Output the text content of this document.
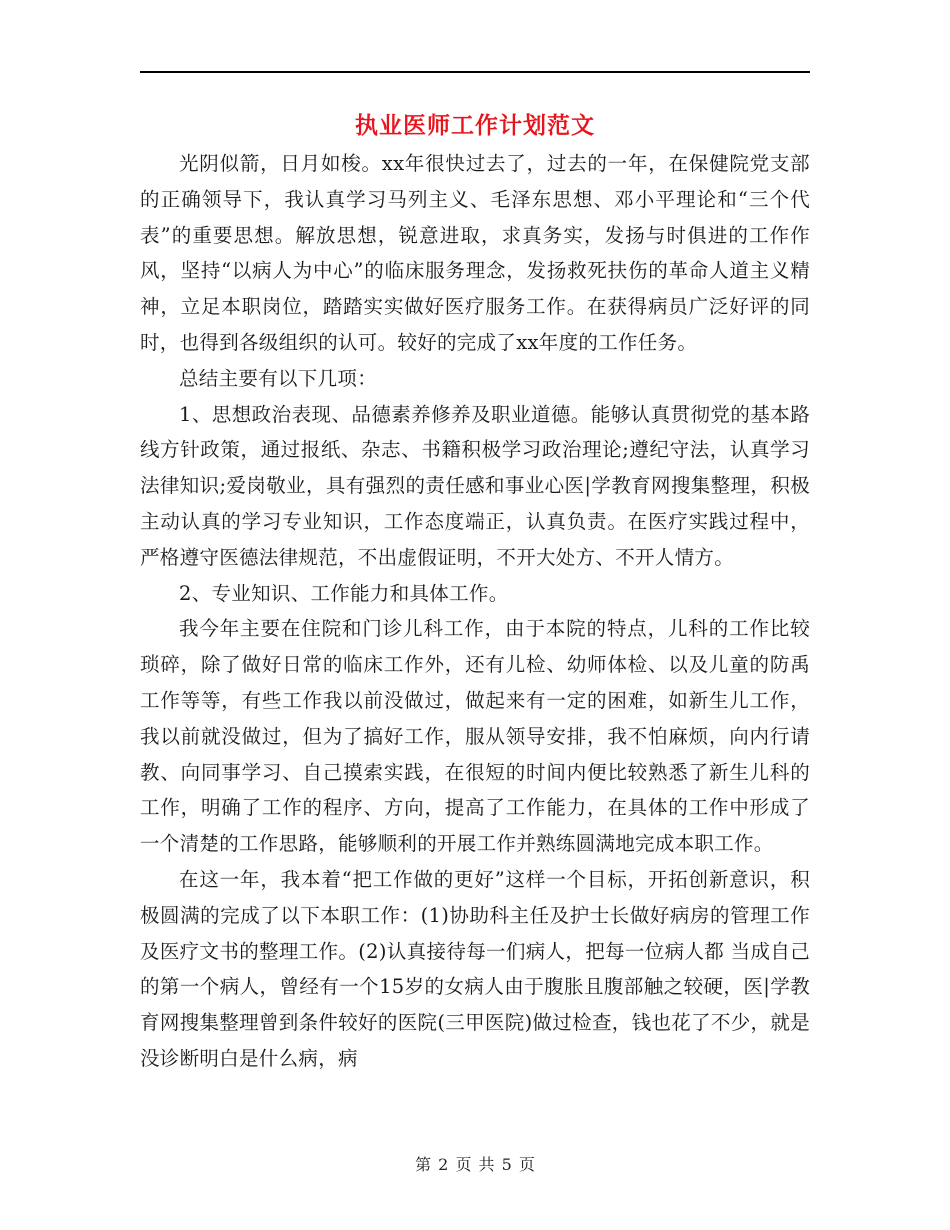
执业医师工作计划范文

光阴似箭，日月如梭。xx年很快过去了，过去的一年，在保健院党支部的正确领导下，我认真学习马列主义、毛泽东思想、邓小平理论和“三个代表”的重要思想。解放思想，锐意进取，求真务实，发扬与时俱进的工作作风，坚持“以病人为中心”的临床服务理念，发扬救死扶伤的革命人道主义精神，立足本职岗位，踏踏实实做好医疗服务工作。在获得病员广泛好评的同时，也得到各级组织的认可。较好的完成了xx年度的工作任务。

总结主要有以下几项：

1、思想政治表现、品德素养修养及职业道德。能够认真贯彻党的基本路线方针政策，通过报纸、杂志、书籍积极学习政治理论;遵纪守法，认真学习法律知识;爱岗敬业，具有强烈的责任感和事业心医|学教育网搜集整理，积极主动认真的学习专业知识，工作态度端正，认真负责。在医疗实践过程中，严格遵守医德法律规范，不出虚假证明，不开大处方、不开人情方。

2、专业知识、工作能力和具体工作。

我今年主要在住院和门诊儿科工作，由于本院的特点，儿科的工作比较琐碎，除了做好日常的临床工作外，还有儿检、幼师体检、以及儿童的防禹工作等等，有些工作我以前没做过，做起来有一定的困难，如新生儿工作，我以前就没做过，但为了搞好工作，服从领导安排，我不怕麻烦，向内行请教、向同事学习、自己摸索实践，在很短的时间内便比较熟悉了新生儿科的工作，明确了工作的程序、方向，提高了工作能力，在具体的工作中形成了一个清楚的工作思路，能够顺利的开展工作并熟练圆满地完成本职工作。

在这一年，我本着“把工作做的更好”这样一个目标，开拓创新意识，积极圆满的完成了以下本职工作：(1)协助科主任及护士长做好病房的管理工作及医疗文书的整理工作。(2)认真接待每一们病人，把每一位病人都 当成自己的第一个病人，曾经有一个15岁的女病人由于腹胀且腹部触之较硬，医|学教育网搜集整理曾到条件较好的医院(三甲医院)做过检查，钱也花了不少，就是没诊断明白是什么病，病

第 2 页 共 5 页
